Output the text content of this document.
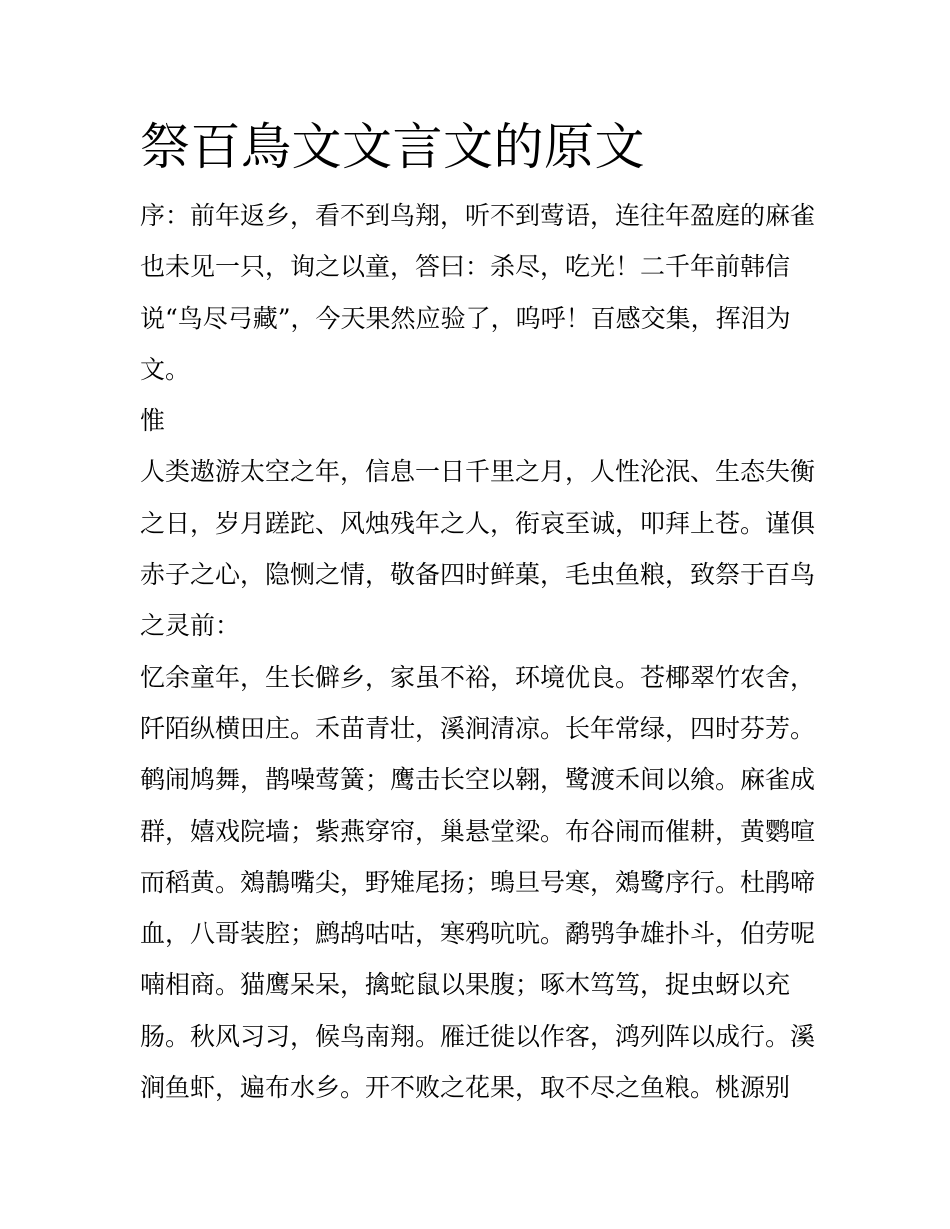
祭百鳥文文言文的原文
序：前年返乡，看不到鸟翔，听不到莺语，连往年盈庭的麻雀
也未见一只，询之以童，答曰：杀尽，吃光！二千年前韩信
说“鸟尽弓藏”，今天果然应验了，呜呼！百感交集，挥泪为
文。
惟
人类遨游太空之年，信息一日千里之月，人性沦泯、生态失衡
之日，岁月蹉跎、风烛残年之人，衔哀至诚，叩拜上苍。谨俱
赤子之心，隐恻之情，敬备四时鲜菓，毛虫鱼粮，致祭于百鸟
之灵前：
忆余童年，生长僻乡，家虽不裕，环境优良。苍椰翠竹农舍，
阡陌纵横田庄。禾苗青壮，溪涧清凉。长年常绿，四时芬芳。
鹌闹鸠舞，鹊噪莺簧；鹰击长空以翱，鹭渡禾间以飨。麻雀成
群，嬉戏院墙；紫燕穿帘，巢悬堂梁。布谷闹而催耕，黄鹦喧
而稻黄。鵁鶄嘴尖，野雉尾扬；鴠旦号寒，鵁鹭序行。杜鹃啼
血，八哥装腔；鹧鸪咕咕，寒鸦吭吭。鹬鸮争雄扑斗，伯劳呢
喃相商。猫鹰呆呆，擒蛇鼠以果腹；啄木笃笃，捉虫蚜以充
肠。秋风习习，候鸟南翔。雁迁徙以作客，鸿列阵以成行。溪
涧鱼虾，遍布水乡。开不败之花果，取不尽之鱼粮。桃源别
